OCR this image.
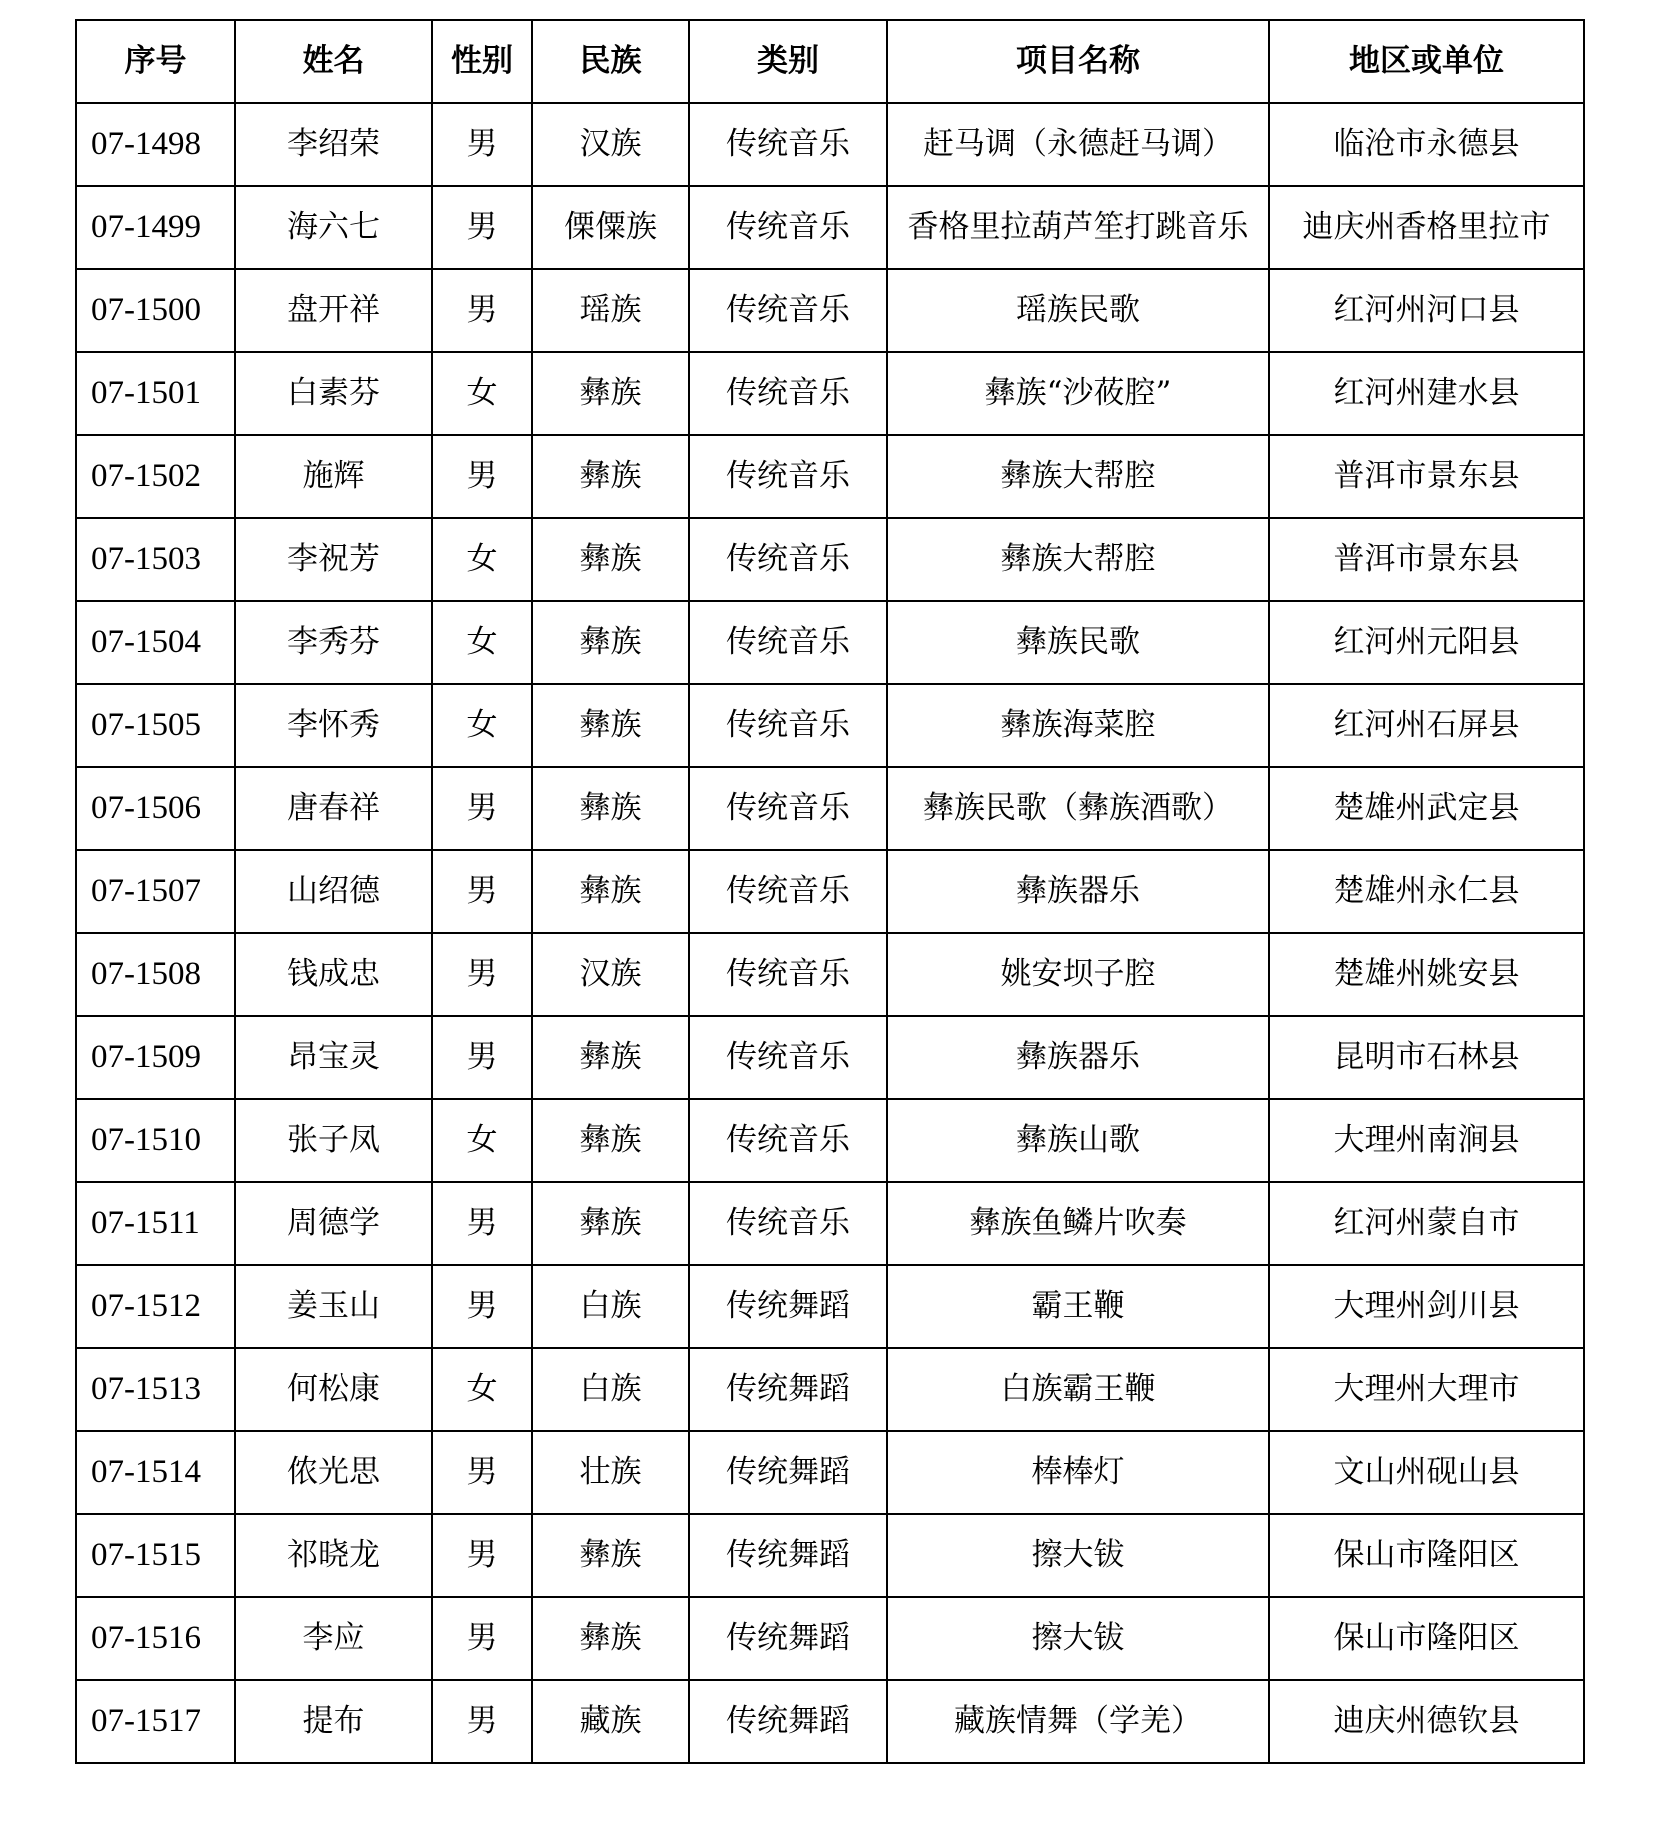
序号	姓名	性别	民族	类别	项目名称	地区或单位
07-1498	李绍荣	男	汉族	传统音乐	赶马调（永德赶马调）	临沧市永德县
07-1499	海六七	男	傈僳族	传统音乐	香格里拉葫芦笙打跳音乐	迪庆州香格里拉市
07-1500	盘开祥	男	瑶族	传统音乐	瑶族民歌	红河州河口县
07-1501	白素芬	女	彝族	传统音乐	彝族“沙莜腔”	红河州建水县
07-1502	施辉	男	彝族	传统音乐	彝族大帮腔	普洱市景东县
07-1503	李祝芳	女	彝族	传统音乐	彝族大帮腔	普洱市景东县
07-1504	李秀芬	女	彝族	传统音乐	彝族民歌	红河州元阳县
07-1505	李怀秀	女	彝族	传统音乐	彝族海菜腔	红河州石屏县
07-1506	唐春祥	男	彝族	传统音乐	彝族民歌（彝族酒歌）	楚雄州武定县
07-1507	山绍德	男	彝族	传统音乐	彝族器乐	楚雄州永仁县
07-1508	钱成忠	男	汉族	传统音乐	姚安坝子腔	楚雄州姚安县
07-1509	昂宝灵	男	彝族	传统音乐	彝族器乐	昆明市石林县
07-1510	张子凤	女	彝族	传统音乐	彝族山歌	大理州南涧县
07-1511	周德学	男	彝族	传统音乐	彝族鱼鳞片吹奏	红河州蒙自市
07-1512	姜玉山	男	白族	传统舞蹈	霸王鞭	大理州剑川县
07-1513	何松康	女	白族	传统舞蹈	白族霸王鞭	大理州大理市
07-1514	侬光思	男	壮族	传统舞蹈	棒棒灯	文山州砚山县
07-1515	祁晓龙	男	彝族	传统舞蹈	擦大钹	保山市隆阳区
07-1516	李应	男	彝族	传统舞蹈	擦大钹	保山市隆阳区
07-1517	提布	男	藏族	传统舞蹈	藏族情舞（学羌）	迪庆州德钦县
